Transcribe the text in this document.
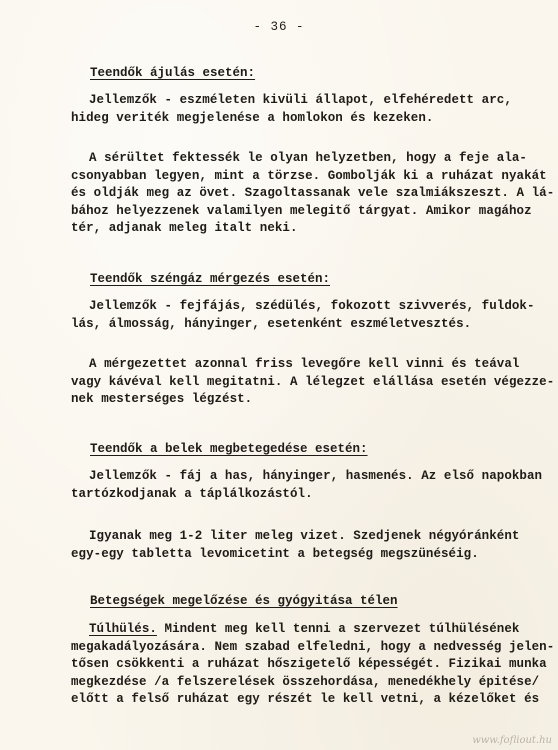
- 36 -
Teendők ájulás esetén:
Jellemzők - eszméleten kivüli állapot, elfehéredett arc,
hideg veriték megjelenése a homlokon és kezeken.
A sérültet fektessék le olyan helyzetben, hogy a feje ala-
csonyabban legyen, mint a törzse. Gombolják ki a ruházat nyakát
és oldják meg az övet. Szagoltassanak vele szalmiákszeszt. A lá-
bához helyezzenek valamilyen melegitő tárgyat. Amikor magához
tér, adjanak meleg italt neki.
Teendők széngáz mérgezés esetén:
Jellemzők - fejfájás, szédülés, fokozott szivverés, fuldok-
lás, álmosság, hányinger, esetenként eszméletvesztés.
A mérgezettet azonnal friss levegőre kell vinni és teával
vagy kávéval kell megitatni. A lélegzet elállása esetén végezze-
nek mesterséges légzést.
Teendők a belek megbetegedése esetén:
Jellemzők - fáj a has, hányinger, hasmenés. Az első napokban
tartózkodjanak a táplálkozástól.
Igyanak meg 1-2 liter meleg vizet. Szedjenek négyóránként
egy-egy tabletta levomicetint a betegség megszünéséig.
Betegségek megelőzése és gyógyitása télen
Túlhülés. Mindent meg kell tenni a szervezet túlhülésének
megakadályozására. Nem szabad elfeledni, hogy a nedvesség jelen-
tősen csökkenti a ruházat hőszigetelő képességét. Fizikai munka
megkezdése /a felszerelések összehordása, menedékhely épitése/
előtt a felső ruházat egy részét le kell vetni, a kézelőket és
www.fofliout.hu
